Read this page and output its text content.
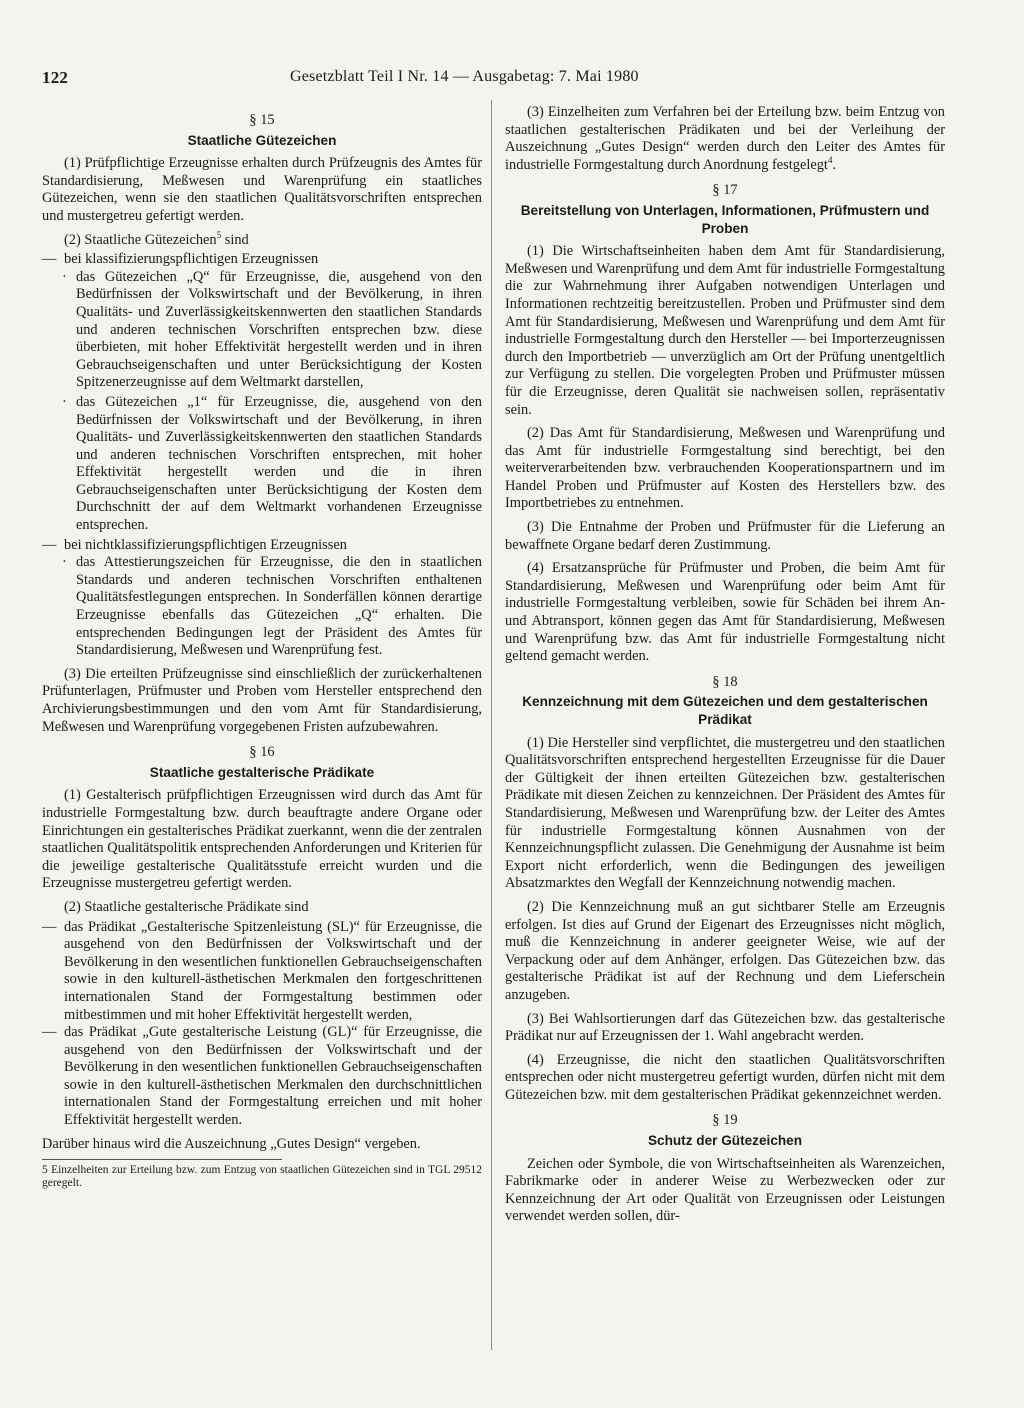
122	Gesetzblatt Teil I Nr. 14 — Ausgabetag: 7. Mai 1980

§ 15

Staatliche Gütezeichen

(1) Prüfpflichtige Erzeugnisse erhalten durch Prüfzeugnis des Amtes für Standardisierung, Meßwesen und Warenprüfung ein staatliches Gütezeichen, wenn sie den staatlichen Qualitätsvorschriften entsprechen und mustergetreu gefertigt werden.

(2) Staatliche Gütezeichen$^5$ sind

— bei klassifizierungspflichtigen Erzeugnissen
· das Gütezeichen „Q“ für Erzeugnisse, die, ausgehend von den Bedürfnissen der Volkswirtschaft und der Bevölkerung, in ihren Qualitäts- und Zuverlässigkeitskennwerten den staatlichen Standards und anderen technischen Vorschriften entsprechen bzw. diese überbieten, mit hoher Effektivität hergestellt werden und in ihren Gebrauchseigenschaften und unter Berücksichtigung der Kosten Spitzenerzeugnisse auf dem Weltmarkt darstellen,
· das Gütezeichen „1“ für Erzeugnisse, die, ausgehend von den Bedürfnissen der Volkswirtschaft und der Bevölkerung, in ihren Qualitäts- und Zuverlässigkeitskennwerten den staatlichen Standards und anderen technischen Vorschriften entsprechen, mit hoher Effektivität hergestellt werden und die in ihren Gebrauchseigenschaften unter Berücksichtigung der Kosten dem Durchschnitt der auf dem Weltmarkt vorhandenen Erzeugnisse entsprechen.
— bei nichtklassifizierungspflichtigen Erzeugnissen
· das Attestierungszeichen für Erzeugnisse, die den in staatlichen Standards und anderen technischen Vorschriften enthaltenen Qualitätsfestlegungen entsprechen. In Sonderfällen können derartige Erzeugnisse ebenfalls das Gütezeichen „Q“ erhalten. Die entsprechenden Bedingungen legt der Präsident des Amtes für Standardisierung, Meßwesen und Warenprüfung fest.

(3) Die erteilten Prüfzeugnisse sind einschließlich der zurückerhaltenen Prüfunterlagen, Prüfmuster und Proben vom Hersteller entsprechend den Archivierungsbestimmungen und den vom Amt für Standardisierung, Meßwesen und Warenprüfung vorgegebenen Fristen aufzubewahren.

§ 16

Staatliche gestalterische Prädikate

(1) Gestalterisch prüfpflichtigen Erzeugnissen wird durch das Amt für industrielle Formgestaltung bzw. durch beauftragte andere Organe oder Einrichtungen ein gestalterisches Prädikat zuerkannt, wenn die der zentralen staatlichen Qualitätspolitik entsprechenden Anforderungen und Kriterien für die jeweilige gestalterische Qualitätsstufe erreicht wurden und die Erzeugnisse mustergetreu gefertigt werden.

(2) Staatliche gestalterische Prädikate sind

— das Prädikat „Gestalterische Spitzenleistung (SL)“ für Erzeugnisse, die ausgehend von den Bedürfnissen der Volkswirtschaft und der Bevölkerung in den wesentlichen funktionellen Gebrauchseigenschaften sowie in den kulturell-ästhetischen Merkmalen den fortgeschrittenen internationalen Stand der Formgestaltung bestimmen oder mitbestimmen und mit hoher Effektivität hergestellt werden,
— das Prädikat „Gute gestalterische Leistung (GL)“ für Erzeugnisse, die ausgehend von den Bedürfnissen der Volkswirtschaft und der Bevölkerung in den wesentlichen funktionellen Gebrauchseigenschaften sowie in den kulturell-ästhetischen Merkmalen den durchschnittlichen internationalen Stand der Formgestaltung erreichen und mit hoher Effektivität hergestellt werden.

Darüber hinaus wird die Auszeichnung „Gutes Design“ vergeben.

5 Einzelheiten zur Erteilung bzw. zum Entzug von staatlichen Gütezeichen sind in TGL 29512 geregelt.

(3) Einzelheiten zum Verfahren bei der Erteilung bzw. beim Entzug von staatlichen gestalterischen Prädikaten und bei der Verleihung der Auszeichnung „Gutes Design“ werden durch den Leiter des Amtes für industrielle Formgestaltung durch Anordnung festgelegt$^4$.

§ 17

Bereitstellung von Unterlagen, Informationen, Prüfmustern und Proben

(1) Die Wirtschaftseinheiten haben dem Amt für Standardisierung, Meßwesen und Warenprüfung und dem Amt für industrielle Formgestaltung die zur Wahrnehmung ihrer Aufgaben notwendigen Unterlagen und Informationen rechtzeitig bereitzustellen. Proben und Prüfmuster sind dem Amt für Standardisierung, Meßwesen und Warenprüfung und dem Amt für industrielle Formgestaltung durch den Hersteller — bei Importerzeugnissen durch den Importbetrieb — unverzüglich am Ort der Prüfung unentgeltlich zur Verfügung zu stellen. Die vorgelegten Proben und Prüfmuster müssen für die Erzeugnisse, deren Qualität sie nachweisen sollen, repräsentativ sein.

(2) Das Amt für Standardisierung, Meßwesen und Warenprüfung und das Amt für industrielle Formgestaltung sind berechtigt, bei den weiterverarbeitenden bzw. verbrauchenden Kooperationspartnern und im Handel Proben und Prüfmuster auf Kosten des Herstellers bzw. des Importbetriebes zu entnehmen.

(3) Die Entnahme der Proben und Prüfmuster für die Lieferung an bewaffnete Organe bedarf deren Zustimmung.

(4) Ersatzansprüche für Prüfmuster und Proben, die beim Amt für Standardisierung, Meßwesen und Warenprüfung oder beim Amt für industrielle Formgestaltung verbleiben, sowie für Schäden bei ihrem An- und Abtransport, können gegen das Amt für Standardisierung, Meßwesen und Warenprüfung bzw. das Amt für industrielle Formgestaltung nicht geltend gemacht werden.

§ 18

Kennzeichnung mit dem Gütezeichen und dem gestalterischen Prädikat

(1) Die Hersteller sind verpflichtet, die mustergetreu und den staatlichen Qualitätsvorschriften entsprechend hergestellten Erzeugnisse für die Dauer der Gültigkeit der ihnen erteilten Gütezeichen bzw. gestalterischen Prädikate mit diesen Zeichen zu kennzeichnen. Der Präsident des Amtes für Standardisierung, Meßwesen und Warenprüfung bzw. der Leiter des Amtes für industrielle Formgestaltung können Ausnahmen von der Kennzeichnungspflicht zulassen. Die Genehmigung der Ausnahme ist beim Export nicht erforderlich, wenn die Bedingungen des jeweiligen Absatzmarktes den Wegfall der Kennzeichnung notwendig machen.

(2) Die Kennzeichnung muß an gut sichtbarer Stelle am Erzeugnis erfolgen. Ist dies auf Grund der Eigenart des Erzeugnisses nicht möglich, muß die Kennzeichnung in anderer geeigneter Weise, wie auf der Verpackung oder auf dem Anhänger, erfolgen. Das Gütezeichen bzw. das gestalterische Prädikat ist auf der Rechnung und dem Lieferschein anzugeben.

(3) Bei Wahlsortierungen darf das Gütezeichen bzw. das gestalterische Prädikat nur auf Erzeugnissen der 1. Wahl angebracht werden.

(4) Erzeugnisse, die nicht den staatlichen Qualitätsvorschriften entsprechen oder nicht mustergetreu gefertigt wurden, dürfen nicht mit dem Gütezeichen bzw. mit dem gestalterischen Prädikat gekennzeichnet werden.

§ 19

Schutz der Gütezeichen

Zeichen oder Symbole, die von Wirtschaftseinheiten als Warenzeichen, Fabrikmarke oder in anderer Weise zu Werbezwecken oder zur Kennzeichnung der Art oder Qualität von Erzeugnissen oder Leistungen verwendet werden sollen, dür-
